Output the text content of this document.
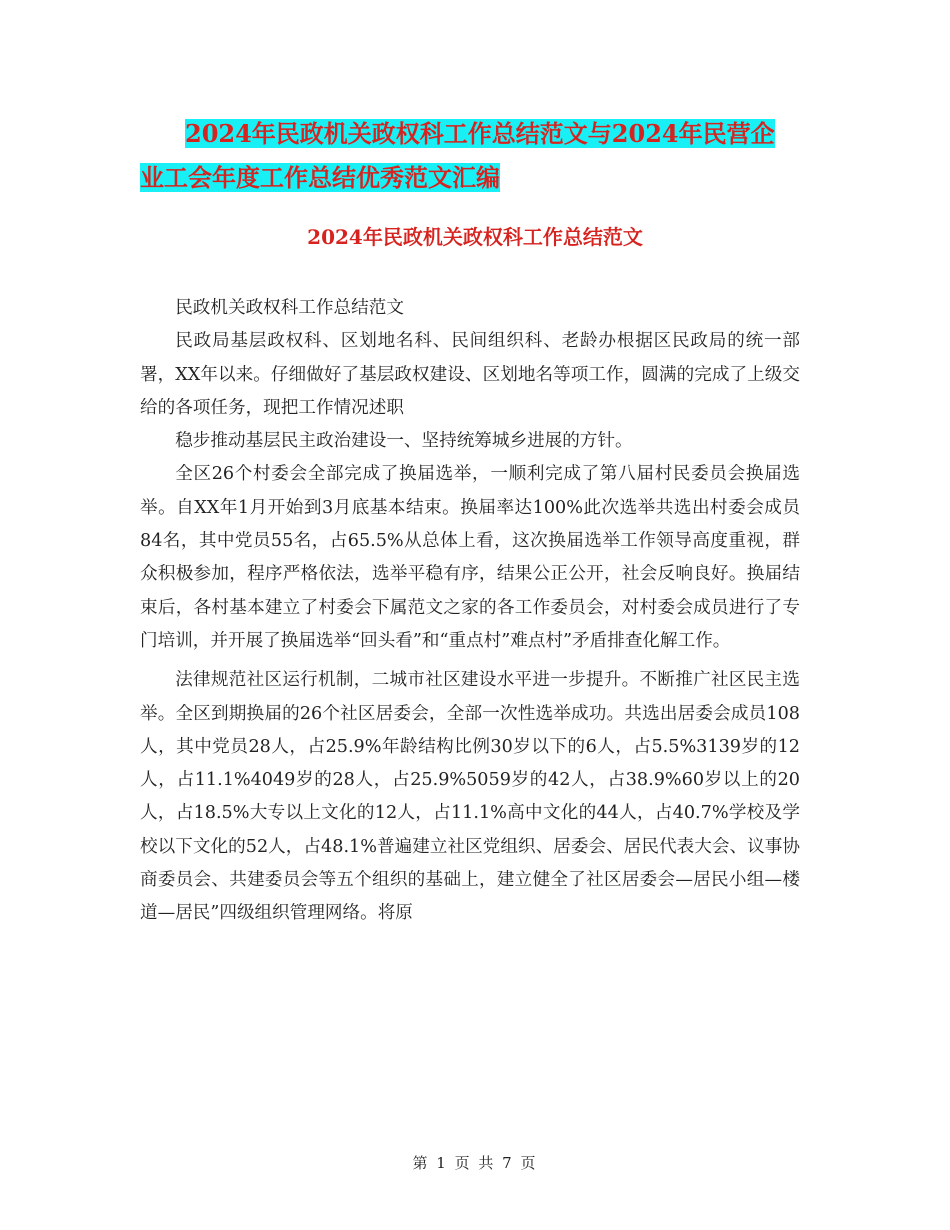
2024年民政机关政权科工作总结范文与2024年民营企
业工会年度工作总结优秀范文汇编
2024年民政机关政权科工作总结范文

民政机关政权科工作总结范文

民政局基层政权科、区划地名科、民间组织科、老龄办根据区民政局的统一部署，XX年以来。仔细做好了基层政权建设、区划地名等项工作，圆满的完成了上级交给的各项任务，现把工作情况述职

稳步推动基层民主政治建设一、坚持统筹城乡进展的方针。

全区26个村委会全部完成了换届选举，一顺利完成了第八届村民委员会换届选举。自XX年1月开始到3月底基本结束。换届率达100%此次选举共选出村委会成员84名，其中党员55名，占65.5%从总体上看，这次换届选举工作领导高度重视，群众积极参加，程序严格依法，选举平稳有序，结果公正公开，社会反响良好。换届结束后，各村基本建立了村委会下属范文之家的各工作委员会，对村委会成员进行了专门培训，并开展了换届选举“回头看”和“重点村”难点村”矛盾排查化解工作。

法律规范社区运行机制，二城市社区建设水平进一步提升。不断推广社区民主选举。全区到期换届的26个社区居委会，全部一次性选举成功。共选出居委会成员108人，其中党员28人，占25.9%年龄结构比例30岁以下的6人，占5.5%3139岁的12人，占11.1%4049岁的28人，占25.9%5059岁的42人，占38.9%60岁以上的20人，占18.5%大专以上文化的12人，占11.1%高中文化的44人，占40.7%学校及学校以下文化的52人，占48.1%普遍建立社区党组织、居委会、居民代表大会、议事协商委员会、共建委员会等五个组织的基础上，建立健全了社区居委会—居民小组—楼道—居民”四级组织管理网络。将原

第 1 页 共 7 页
